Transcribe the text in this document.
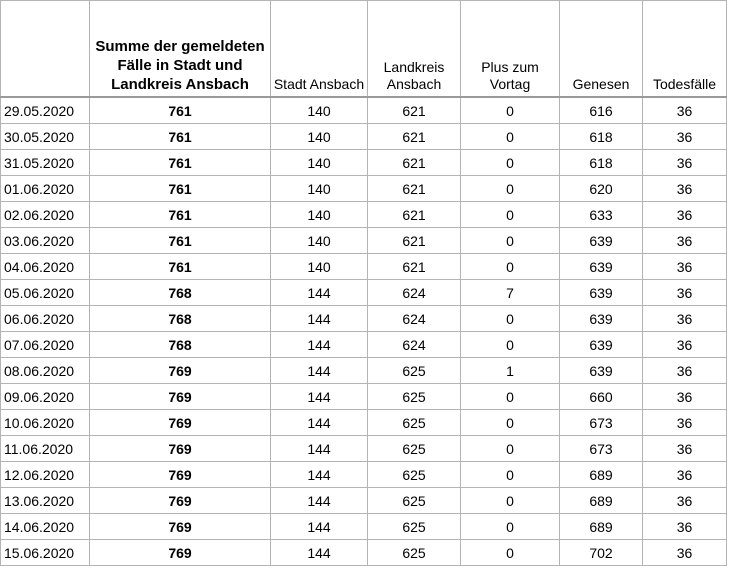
	Summe der gemeldeten Fälle in Stadt und Landkreis Ansbach	Stadt Ansbach	Landkreis Ansbach	Plus zum Vortag	Genesen	Todesfälle
29.05.2020	761	140	621	0	616	36
30.05.2020	761	140	621	0	618	36
31.05.2020	761	140	621	0	618	36
01.06.2020	761	140	621	0	620	36
02.06.2020	761	140	621	0	633	36
03.06.2020	761	140	621	0	639	36
04.06.2020	761	140	621	0	639	36
05.06.2020	768	144	624	7	639	36
06.06.2020	768	144	624	0	639	36
07.06.2020	768	144	624	0	639	36
08.06.2020	769	144	625	1	639	36
09.06.2020	769	144	625	0	660	36
10.06.2020	769	144	625	0	673	36
11.06.2020	769	144	625	0	673	36
12.06.2020	769	144	625	0	689	36
13.06.2020	769	144	625	0	689	36
14.06.2020	769	144	625	0	689	36
15.06.2020	769	144	625	0	702	36
